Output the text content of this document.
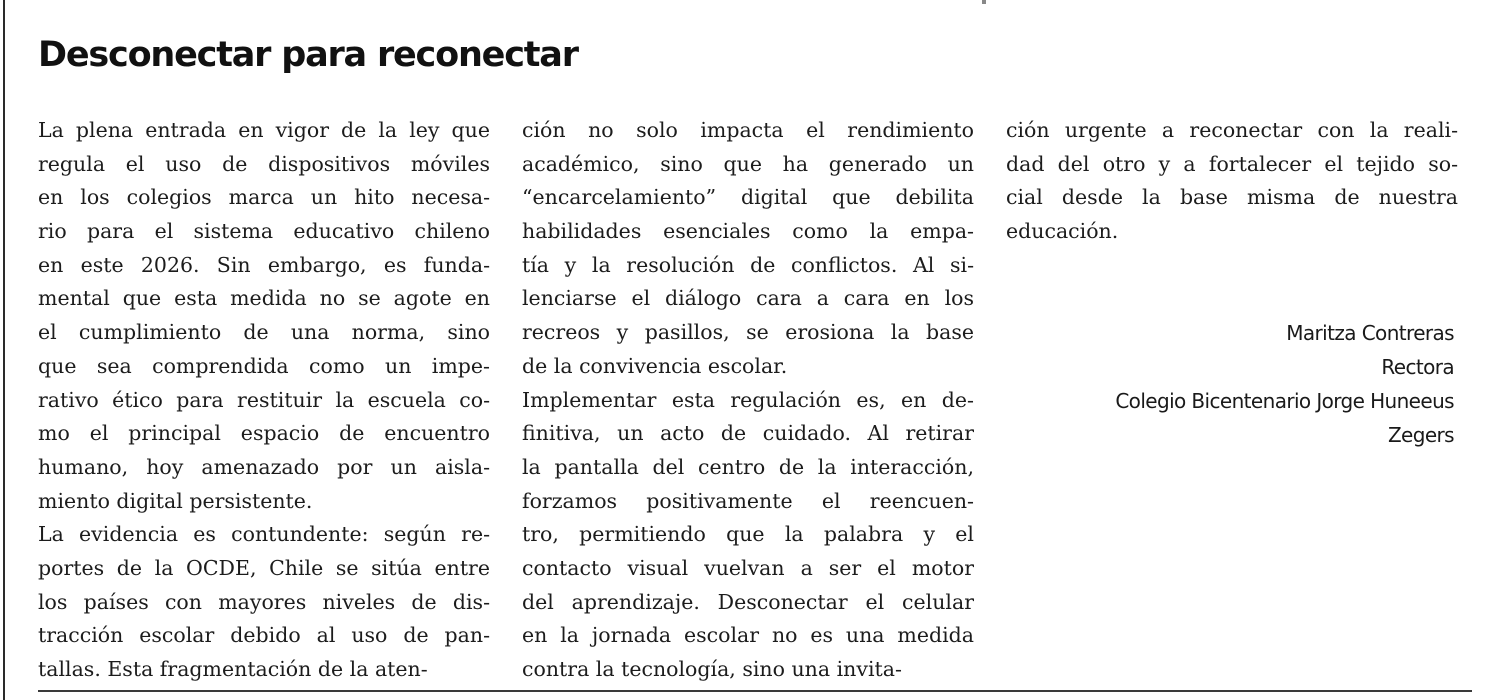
Desconectar para reconectar
La plena entrada en vigor de la ley que
regula el uso de dispositivos móviles
en los colegios marca un hito necesa-
rio para el sistema educativo chileno
en este 2026. Sin embargo, es funda-
mental que esta medida no se agote en
el cumplimiento de una norma, sino
que sea comprendida como un impe-
rativo ético para restituir la escuela co-
mo el principal espacio de encuentro
humano, hoy amenazado por un aisla-
miento digital persistente.
La evidencia es contundente: según re-
portes de la OCDE, Chile se sitúa entre
los países con mayores niveles de dis-
tracción escolar debido al uso de pan-
tallas. Esta fragmentación de la aten-
ción no solo impacta el rendimiento
académico, sino que ha generado un
“encarcelamiento” digital que debilita
habilidades esenciales como la empa-
tía y la resolución de conflictos. Al si-
lenciarse el diálogo cara a cara en los
recreos y pasillos, se erosiona la base
de la convivencia escolar.
Implementar esta regulación es, en de-
finitiva, un acto de cuidado. Al retirar
la pantalla del centro de la interacción,
forzamos positivamente el reencuen-
tro, permitiendo que la palabra y el
contacto visual vuelvan a ser el motor
del aprendizaje. Desconectar el celular
en la jornada escolar no es una medida
contra la tecnología, sino una invita-
ción urgente a reconectar con la reali-
dad del otro y a fortalecer el tejido so-
cial desde la base misma de nuestra
educación.
Maritza Contreras
Rectora
Colegio Bicentenario Jorge Huneeus
Zegers
